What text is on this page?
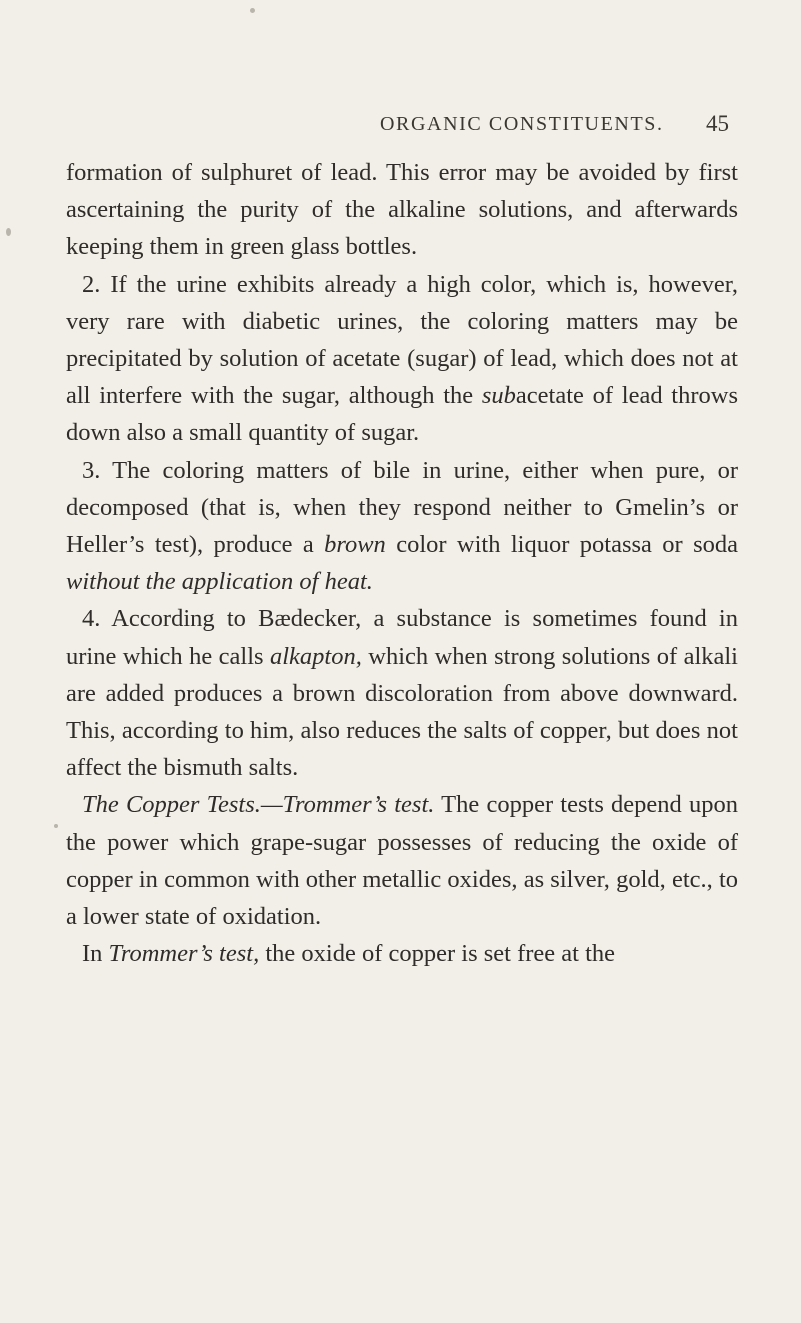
ORGANIC CONSTITUENTS. 45

formation of sulphuret of lead. This error may be avoided by first ascertaining the purity of the alkaline solutions, and afterwards keeping them in green glass bottles.

2. If the urine exhibits already a high color, which is, however, very rare with diabetic urines, the coloring matters may be precipitated by solution of acetate (sugar) of lead, which does not at all interfere with the sugar, although the subacetate of lead throws down also a small quantity of sugar.

3. The coloring matters of bile in urine, either when pure, or decomposed (that is, when they respond neither to Gmelin’s or Heller’s test), produce a brown color with liquor potassa or soda without the application of heat.

4. According to Bædecker, a substance is sometimes found in urine which he calls alkapton, which when strong solutions of alkali are added produces a brown discoloration from above downward. This, according to him, also reduces the salts of copper, but does not affect the bismuth salts.

The Copper Tests.—Trommer’s test. The copper tests depend upon the power which grape-sugar possesses of reducing the oxide of copper in common with other metallic oxides, as silver, gold, etc., to a lower state of oxidation.

In Trommer’s test, the oxide of copper is set free at the
